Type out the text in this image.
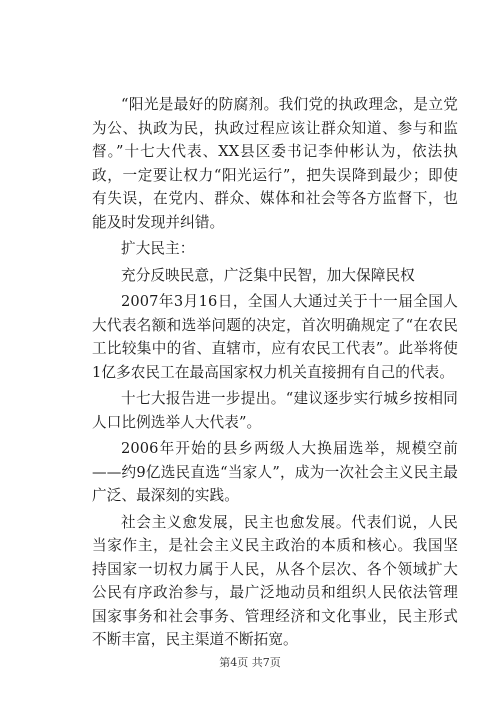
“阳光是最好的防腐剂。我们党的执政理念，是立党为公、执政为民，执政过程应该让群众知道、参与和监督。”十七大代表、XX县区委书记李仲彬认为，依法执政，一定要让权力“阳光运行”，把失误降到最少；即使有失误，在党内、群众、媒体和社会等各方监督下，也能及时发现并纠错。

扩大民主：

充分反映民意，广泛集中民智，加大保障民权

2007年3月16日，全国人大通过关于十一届全国人大代表名额和选举问题的决定，首次明确规定了“在农民工比较集中的省、直辖市，应有农民工代表”。此举将使1亿多农民工在最高国家权力机关直接拥有自己的代表。

十七大报告进一步提出。“建议逐步实行城乡按相同人口比例选举人大代表”。

2006年开始的县乡两级人大换届选举，规模空前——约9亿选民直选“当家人”，成为一次社会主义民主最广泛、最深刻的实践。

社会主义愈发展，民主也愈发展。代表们说，人民当家作主，是社会主义民主政治的本质和核心。我国坚持国家一切权力属于人民，从各个层次、各个领域扩大公民有序政治参与，最广泛地动员和组织人民依法管理国家事务和社会事务、管理经济和文化事业，民主形式不断丰富，民主渠道不断拓宽。

第4页 共7页
